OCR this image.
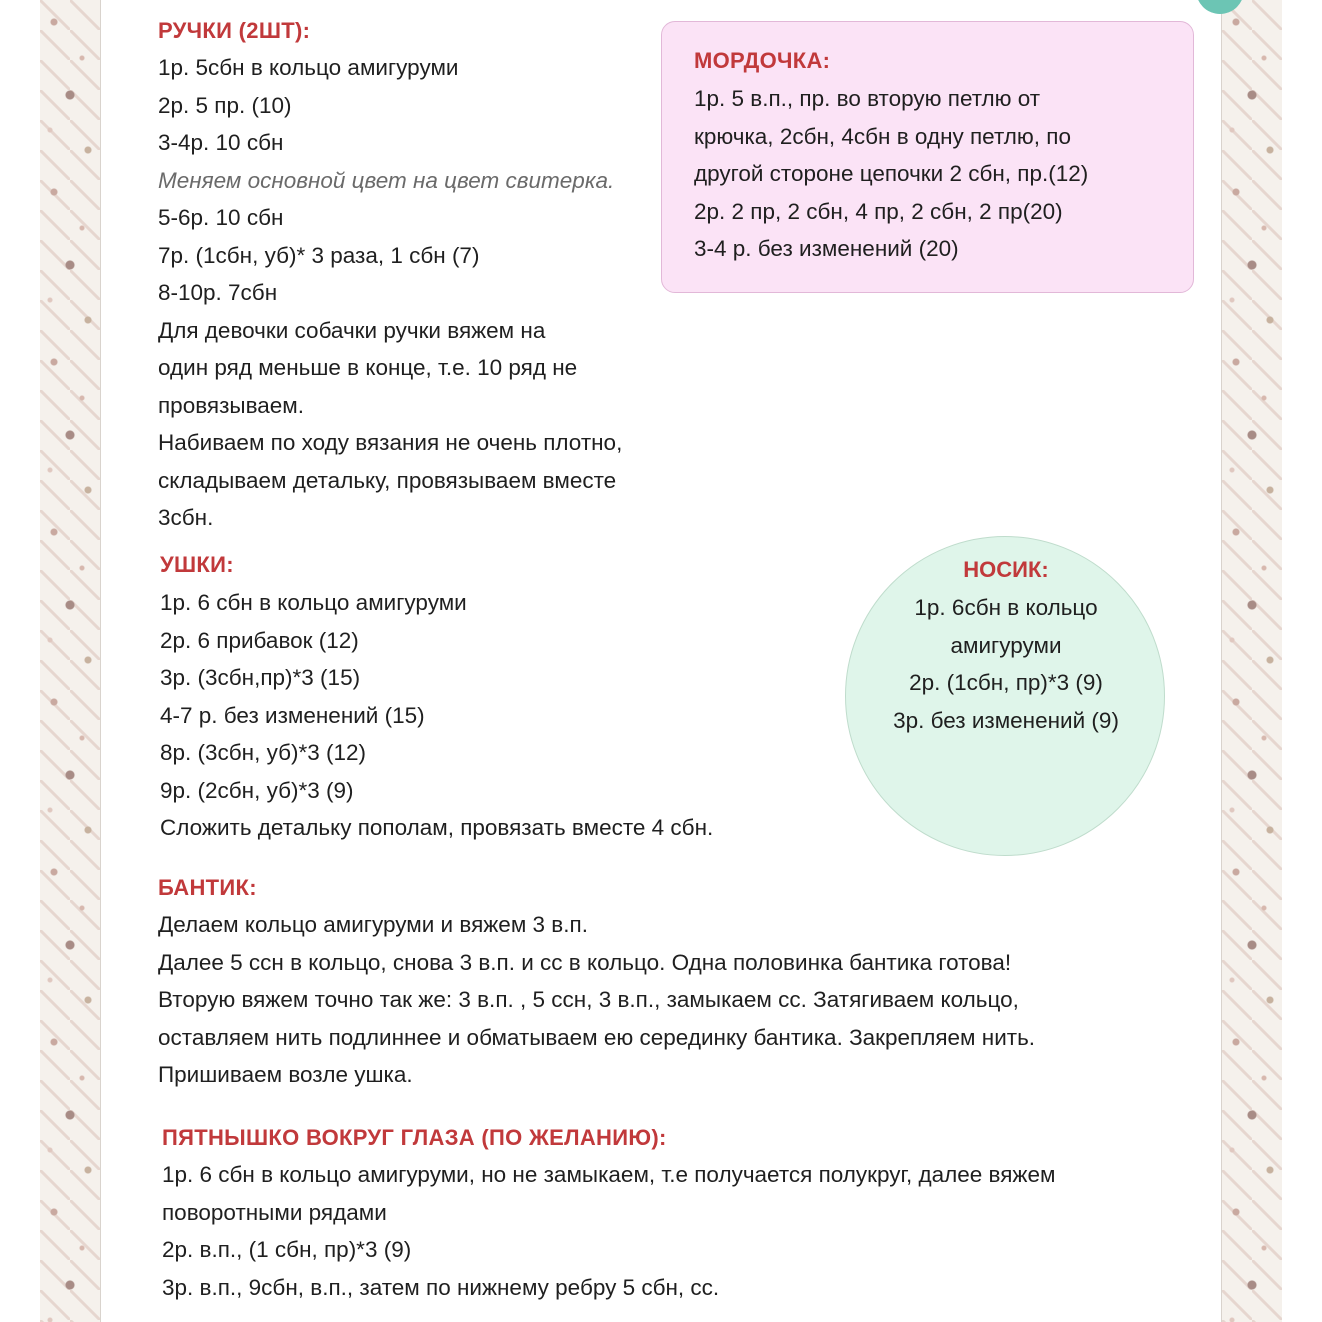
РУЧКИ (2ШТ):
1р. 5сбн в кольцо амигуруми
2р. 5 пр. (10)
3-4р. 10 сбн
Меняем основной цвет на цвет свитерка.
5-6р. 10 сбн
7р. (1сбн, уб)* 3 раза, 1 сбн (7)
8-10р. 7сбн
Для девочки собачки ручки вяжем на
один ряд меньше в конце, т.е. 10 ряд не
провязываем.
Набиваем по ходу вязания не очень плотно,
складываем детальку, провязываем вместе
3сбн.
МОРДОЧКА:
1р. 5 в.п., пр. во вторую петлю от
крючка, 2сбн, 4сбн в одну петлю, по
другой стороне цепочки 2 сбн, пр.(12)
2р. 2 пр, 2 сбн, 4 пр, 2 сбн, 2 пр(20)
3-4 р. без изменений (20)
УШКИ:
1р. 6 сбн в кольцо амигуруми
2р. 6 прибавок (12)
3р. (3сбн,пр)*3 (15)
4-7 р. без изменений (15)
8р. (3сбн, уб)*3 (12)
9р. (2сбн, уб)*3 (9)
Сложить детальку пополам, провязать вместе 4 сбн.
НОСИК:
1р. 6сбн в кольцо
амигуруми
2р. (1сбн, пр)*3 (9)
3р. без изменений (9)
БАНТИК:
Делаем кольцо амигуруми и вяжем 3 в.п.
Далее 5 ссн в кольцо, снова 3 в.п. и сс в кольцо. Одна половинка бантика готова!
Вторую вяжем точно так же: 3 в.п. , 5 ссн, 3 в.п., замыкаем сс. Затягиваем кольцо,
оставляем нить подлиннее и обматываем ею серединку бантика. Закрепляем нить.
Пришиваем возле ушка.
ПЯТНЫШКО ВОКРУГ ГЛАЗА (ПО ЖЕЛАНИЮ):
1р. 6 сбн в кольцо амигуруми, но не замыкаем, т.е получается полукруг, далее вяжем
поворотными рядами
2р. в.п., (1 сбн, пр)*3 (9)
3р. в.п., 9сбн, в.п., затем по нижнему ребру 5 сбн, сс.
